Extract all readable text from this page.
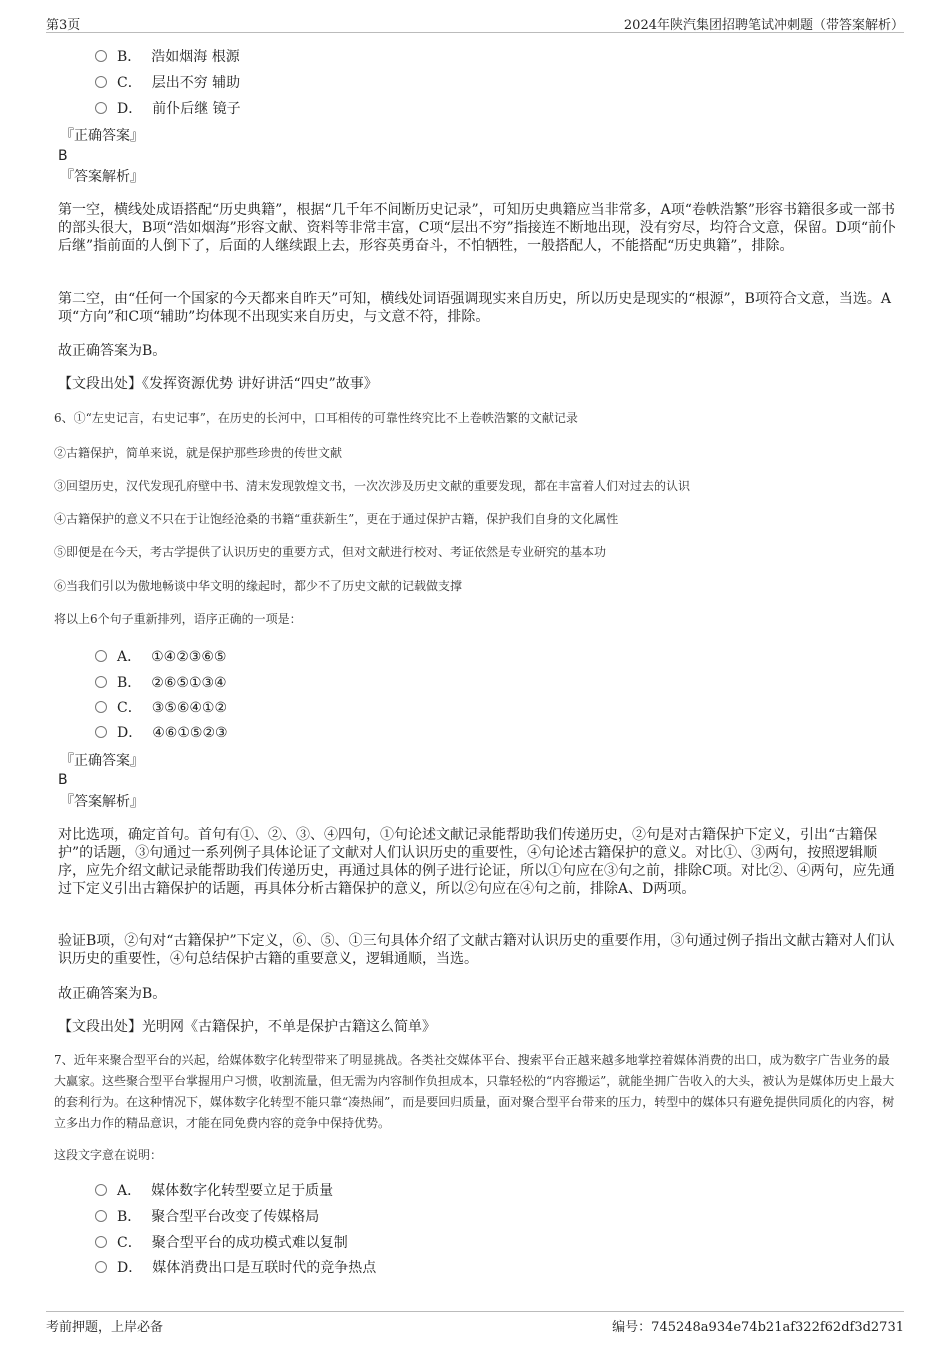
第3页	2024年陕汽集团招聘笔试冲刺题（带答案解析）
B． 浩如烟海 根源
C． 层出不穷 辅助
D． 前仆后继 镜子
『正确答案』
B
『答案解析』
第一空，横线处成语搭配“历史典籍”，根据“几千年不间断历史记录”，可知历史典籍应当非常多，A项“卷帙浩繁”形容书籍很多或一部书的部头很大，B项“浩如烟海”形容文献、资料等非常丰富，C项“层出不穷”指接连不断地出现，没有穷尽，均符合文意，保留。D项“前仆后继”指前面的人倒下了，后面的人继续跟上去，形容英勇奋斗，不怕牺牲，一般搭配人，不能搭配“历史典籍”，排除。
第二空，由“任何一个国家的今天都来自昨天”可知，横线处词语强调现实来自历史，所以历史是现实的“根源”，B项符合文意，当选。A项“方向”和C项“辅助”均体现不出现实来自历史，与文意不符，排除。
故正确答案为B。
【文段出处】《发挥资源优势 讲好讲活“四史”故事》
6、①“左史记言，右史记事”，在历史的长河中，口耳相传的可靠性终究比不上卷帙浩繁的文献记录
②古籍保护，简单来说，就是保护那些珍贵的传世文献
③回望历史，汉代发现孔府壁中书、清末发现敦煌文书，一次次涉及历史文献的重要发现，都在丰富着人们对过去的认识
④古籍保护的意义不只在于让饱经沧桑的书籍“重获新生”，更在于通过保护古籍，保护我们自身的文化属性
⑤即便是在今天，考古学提供了认识历史的重要方式，但对文献进行校对、考证依然是专业研究的基本功
⑥当我们引以为傲地畅谈中华文明的缘起时，都少不了历史文献的记载做支撑
将以上6个句子重新排列，语序正确的一项是：
A． ①④②③⑥⑤
B． ②⑥⑤①③④
C． ③⑤⑥④①②
D． ④⑥①⑤②③
『正确答案』
B
『答案解析』
对比选项，确定首句。首句有①、②、③、④四句，①句论述文献记录能帮助我们传递历史，②句是对古籍保护下定义，引出“古籍保护”的话题，③句通过一系列例子具体论证了文献对人们认识历史的重要性，④句论述古籍保护的意义。对比①、③两句，按照逻辑顺序，应先介绍文献记录能帮助我们传递历史，再通过具体的例子进行论证，所以①句应在③句之前，排除C项。对比②、④两句，应先通过下定义引出古籍保护的话题，再具体分析古籍保护的意义，所以②句应在④句之前，排除A、D两项。
验证B项，②句对“古籍保护”下定义，⑥、⑤、①三句具体介绍了文献古籍对认识历史的重要作用，③句通过例子指出文献古籍对人们认识历史的重要性，④句总结保护古籍的重要意义，逻辑通顺，当选。
故正确答案为B。
【文段出处】光明网《古籍保护，不单是保护古籍这么简单》
7、近年来聚合型平台的兴起，给媒体数字化转型带来了明显挑战。各类社交媒体平台、搜索平台正越来越多地掌控着媒体消费的出口，成为数字广告业务的最大赢家。这些聚合型平台掌握用户习惯，收割流量，但无需为内容制作负担成本，只靠轻松的“内容搬运”，就能坐拥广告收入的大头，被认为是媒体历史上最大的套利行为。在这种情况下，媒体数字化转型不能只靠“凑热闹”，而是要回归质量，面对聚合型平台带来的压力，转型中的媒体只有避免提供同质化的内容，树立多出力作的精品意识，才能在同免费内容的竞争中保持优势。
这段文字意在说明：
A． 媒体数字化转型要立足于质量
B． 聚合型平台改变了传媒格局
C． 聚合型平台的成功模式难以复制
D． 媒体消费出口是互联时代的竞争热点
考前押题，上岸必备	编号：745248a934e74b21af322f62df3d2731
